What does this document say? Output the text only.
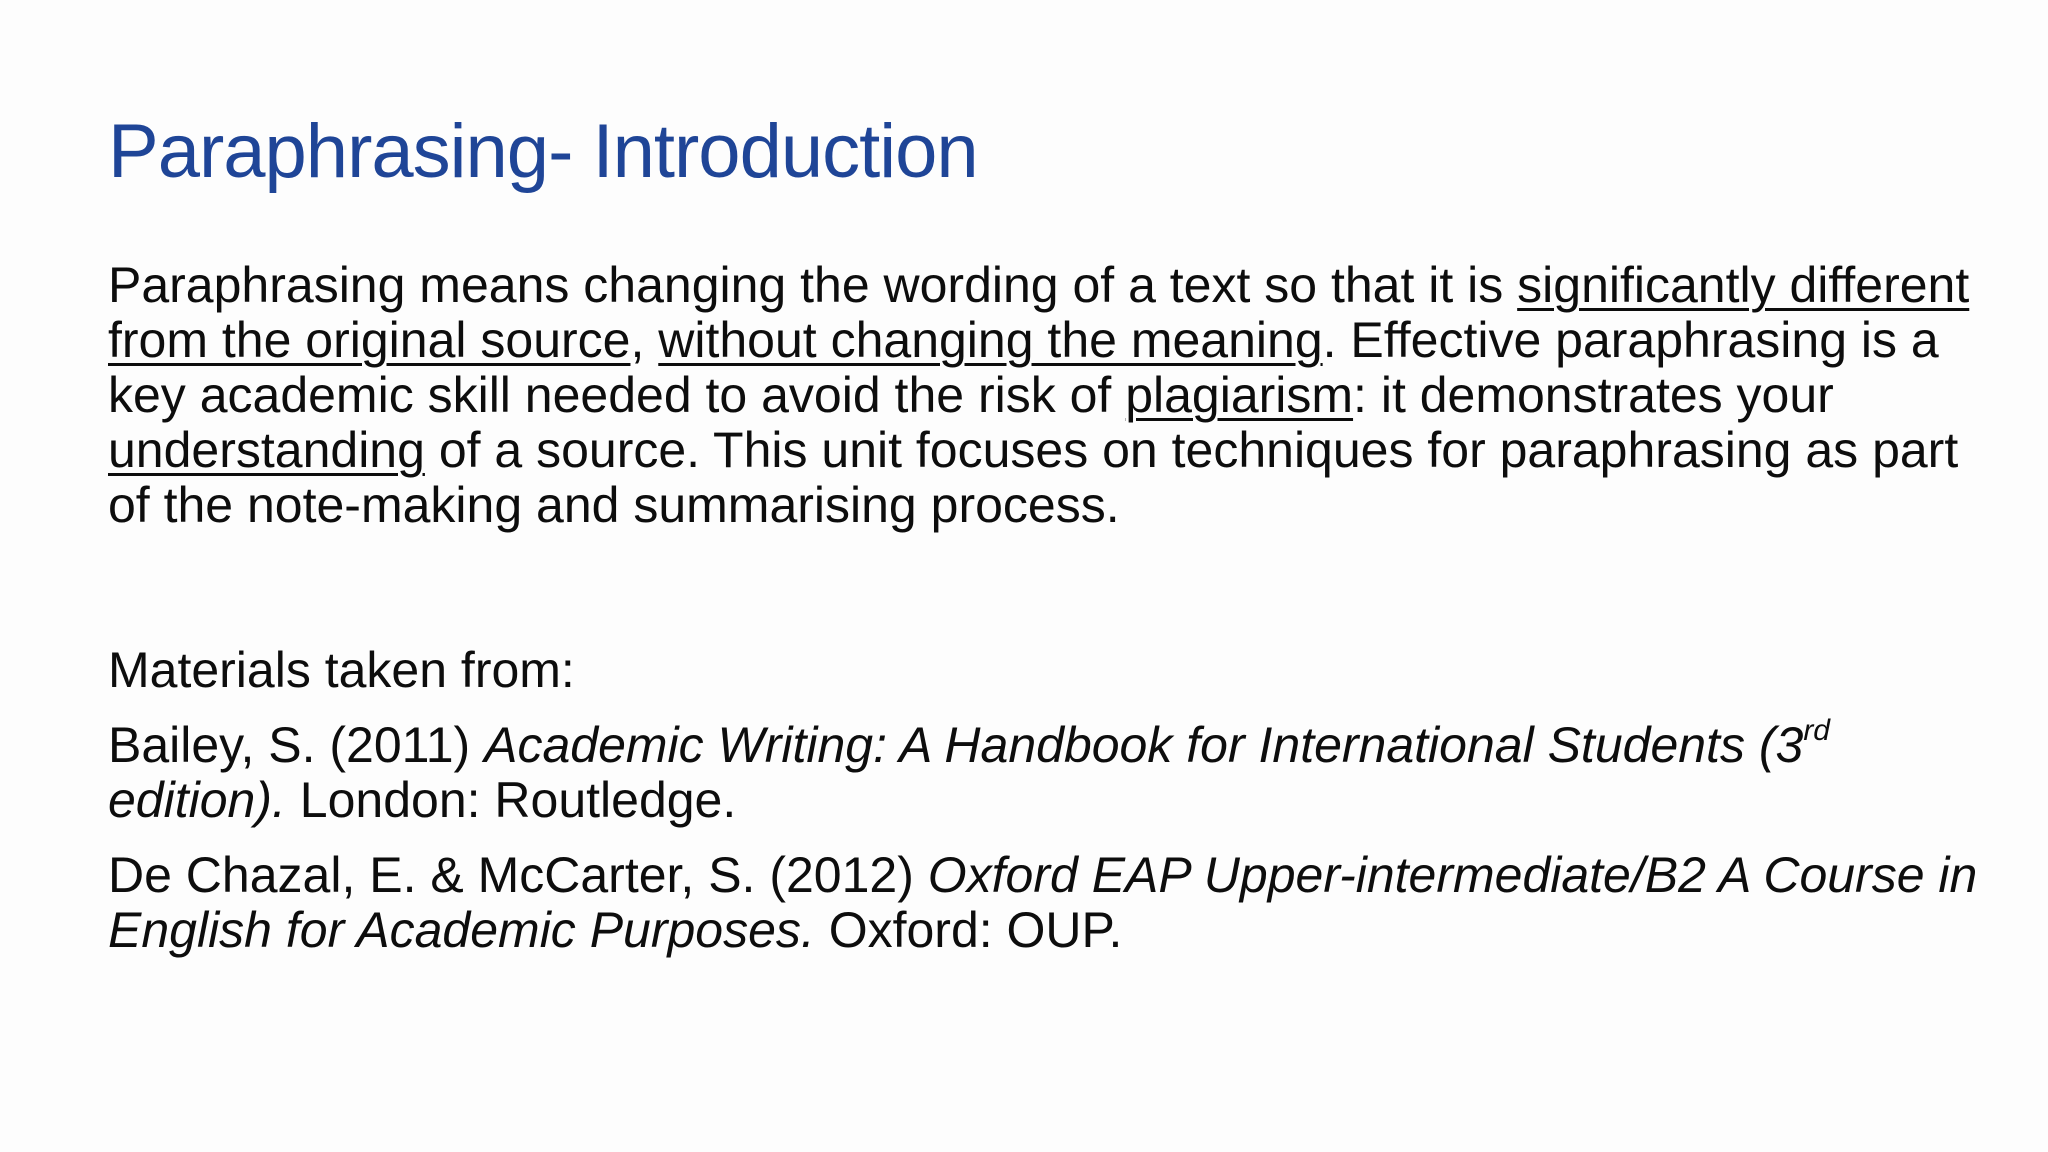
Paraphrasing- Introduction

Paraphrasing means changing the wording of a text so that it is significantly different from the original source, without changing the meaning. Effective paraphrasing is a key academic skill needed to avoid the risk of plagiarism: it demonstrates your understanding of a source. This unit focuses on techniques for paraphrasing as part of the note-making and summarising process.

Materials taken from:

Bailey, S. (2011) Academic Writing: A Handbook for International Students (3rd edition). London: Routledge.

De Chazal, E. & McCarter, S. (2012) Oxford EAP Upper-intermediate/B2 A Course in English for Academic Purposes. Oxford: OUP.
